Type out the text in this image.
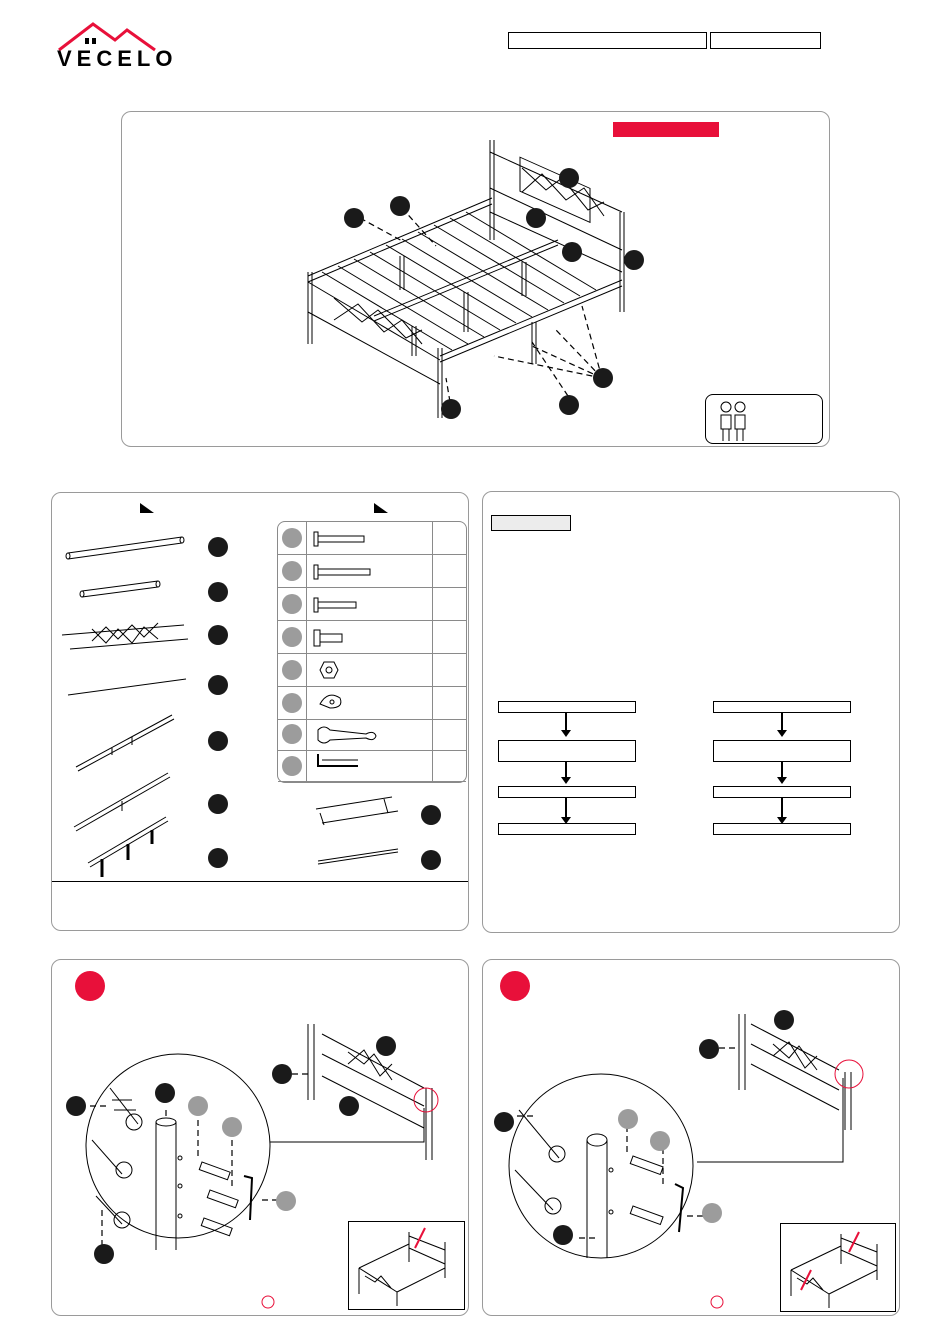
VECELO
